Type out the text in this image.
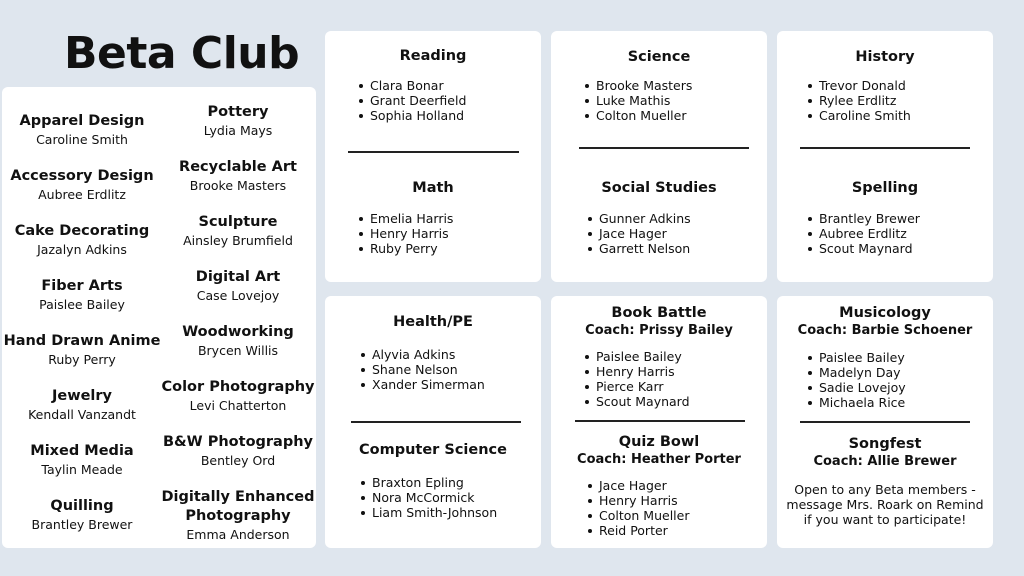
Beta Club
Apparel Design
Caroline Smith
Accessory Design
Aubree Erdlitz
Cake Decorating
Jazalyn Adkins
Fiber Arts
Paislee Bailey
Hand Drawn Anime
Ruby Perry
Jewelry
Kendall Vanzandt
Mixed Media
Taylin Meade
Quilling
Brantley Brewer
Pottery
Lydia Mays
Recyclable Art
Brooke Masters
Sculpture
Ainsley Brumfield
Digital Art
Case Lovejoy
Woodworking
Brycen Willis
Color Photography
Levi Chatterton
B&W Photography
Bentley Ord
Digitally Enhanced Photography
Emma Anderson
Reading
Clara Bonar
Grant Deerfield
Sophia Holland
Math
Emelia Harris
Henry Harris
Ruby Perry
Science
Brooke Masters
Luke Mathis
Colton Mueller
Social Studies
Gunner Adkins
Jace Hager
Garrett Nelson
History
Trevor Donald
Rylee Erdlitz
Caroline Smith
Spelling
Brantley Brewer
Aubree Erdlitz
Scout Maynard
Health/PE
Alyvia Adkins
Shane Nelson
Xander Simerman
Computer Science
Braxton Epling
Nora McCormick
Liam Smith-Johnson
Book Battle
Coach: Prissy Bailey
Paislee Bailey
Henry Harris
Pierce Karr
Scout Maynard
Quiz Bowl
Coach: Heather Porter
Jace Hager
Henry Harris
Colton Mueller
Reid Porter
Musicology
Coach: Barbie Schoener
Paislee Bailey
Madelyn Day
Sadie Lovejoy
Michaela Rice
Songfest
Coach: Allie Brewer
Open to any Beta members -
message Mrs. Roark on Remind
if you want to participate!
